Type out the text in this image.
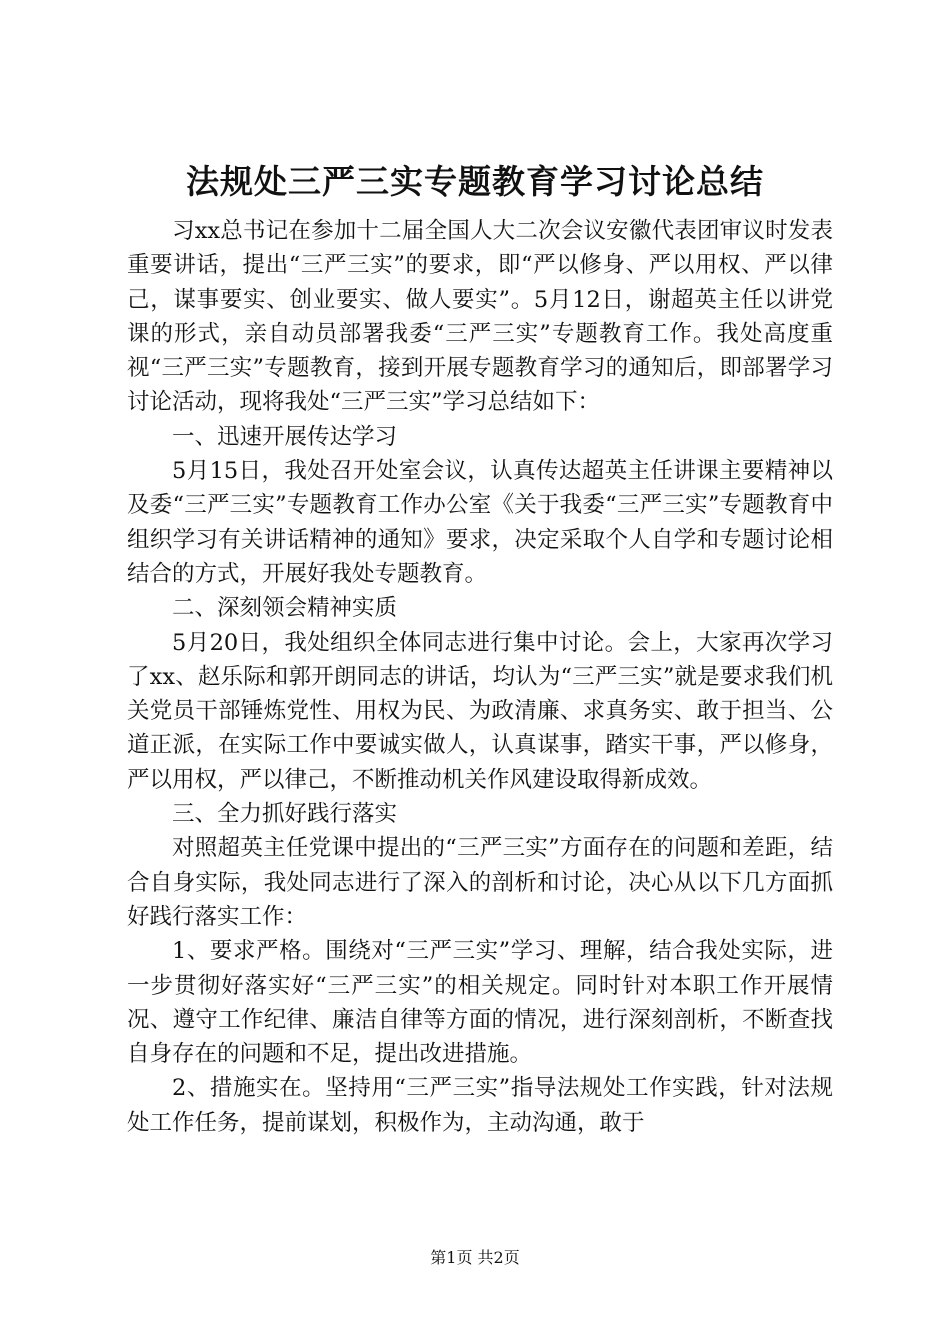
法规处三严三实专题教育学习讨论总结

习xx总书记在参加十二届全国人大二次会议安徽代表团审议时发表重要讲话，提出“三严三实”的要求，即“严以修身、严以用权、严以律己，谋事要实、创业要实、做人要实”。5月12日，谢超英主任以讲党课的形式，亲自动员部署我委“三严三实”专题教育工作。我处高度重视“三严三实”专题教育，接到开展专题教育学习的通知后，即部署学习讨论活动，现将我处“三严三实”学习总结如下：

一、迅速开展传达学习

5月15日，我处召开处室会议，认真传达超英主任讲课主要精神以及委“三严三实”专题教育工作办公室《关于我委“三严三实”专题教育中组织学习有关讲话精神的通知》要求，决定采取个人自学和专题讨论相结合的方式，开展好我处专题教育。

二、深刻领会精神实质

5月20日，我处组织全体同志进行集中讨论。会上，大家再次学习了xx、赵乐际和郭开朗同志的讲话，均认为“三严三实”就是要求我们机关党员干部锤炼党性、用权为民、为政清廉、求真务实、敢于担当、公道正派，在实际工作中要诚实做人，认真谋事，踏实干事，严以修身，严以用权，严以律己，不断推动机关作风建设取得新成效。

三、全力抓好践行落实

对照超英主任党课中提出的“三严三实”方面存在的问题和差距，结合自身实际，我处同志进行了深入的剖析和讨论，决心从以下几方面抓好践行落实工作：

1、要求严格。围绕对“三严三实”学习、理解，结合我处实际，进一步贯彻好落实好“三严三实”的相关规定。同时针对本职工作开展情况、遵守工作纪律、廉洁自律等方面的情况，进行深刻剖析，不断查找自身存在的问题和不足，提出改进措施。

2、措施实在。坚持用“三严三实”指导法规处工作实践，针对法规处工作任务，提前谋划，积极作为，主动沟通，敢于

第1页 共2页
